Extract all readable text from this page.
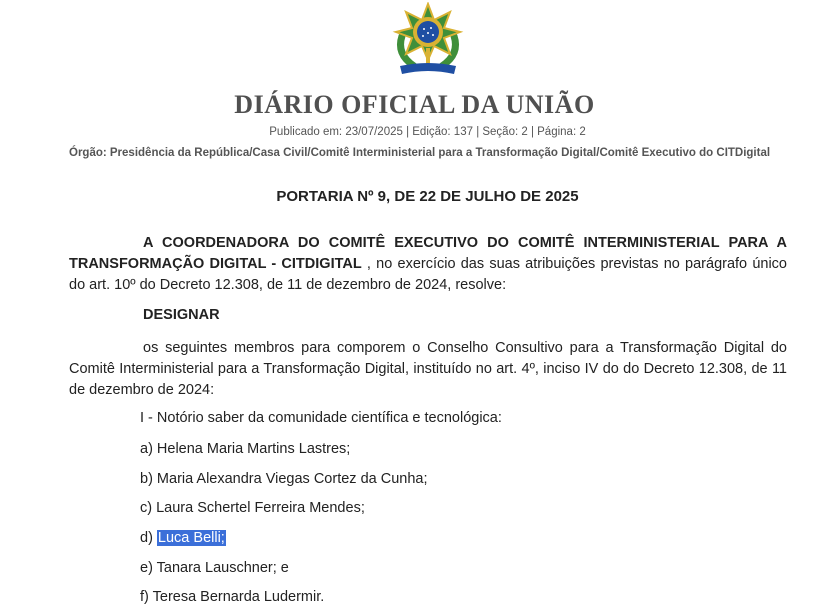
DIÁRIO OFICIAL DA UNIÃO
Publicado em: 23/07/2025 | Edição: 137 | Seção: 2 | Página: 2
Órgão: Presidência da República/Casa Civil/Comitê Interministerial para a Transformação Digital/Comitê Executivo do CITDigital
PORTARIA Nº 9, DE 22 DE JULHO DE 2025
A COORDENADORA DO COMITÊ EXECUTIVO DO COMITÊ INTERMINISTERIAL PARA A TRANSFORMAÇÃO DIGITAL - CITDIGITAL , no exercício das suas atribuições previstas no parágrafo único do art. 10º do Decreto 12.308, de 11 de dezembro de 2024, resolve:
DESIGNAR
os seguintes membros para comporem o Conselho Consultivo para a Transformação Digital do Comitê Interministerial para a Transformação Digital, instituído no art. 4º, inciso IV do do Decreto 12.308, de 11 de dezembro de 2024:
I - Notório saber da comunidade científica e tecnológica:
a) Helena Maria Martins Lastres;
b) Maria Alexandra Viegas Cortez da Cunha;
c) Laura Schertel Ferreira Mendes;
d) Luca Belli;
e) Tanara Lauschner; e
f) Teresa Bernarda Ludermir.
